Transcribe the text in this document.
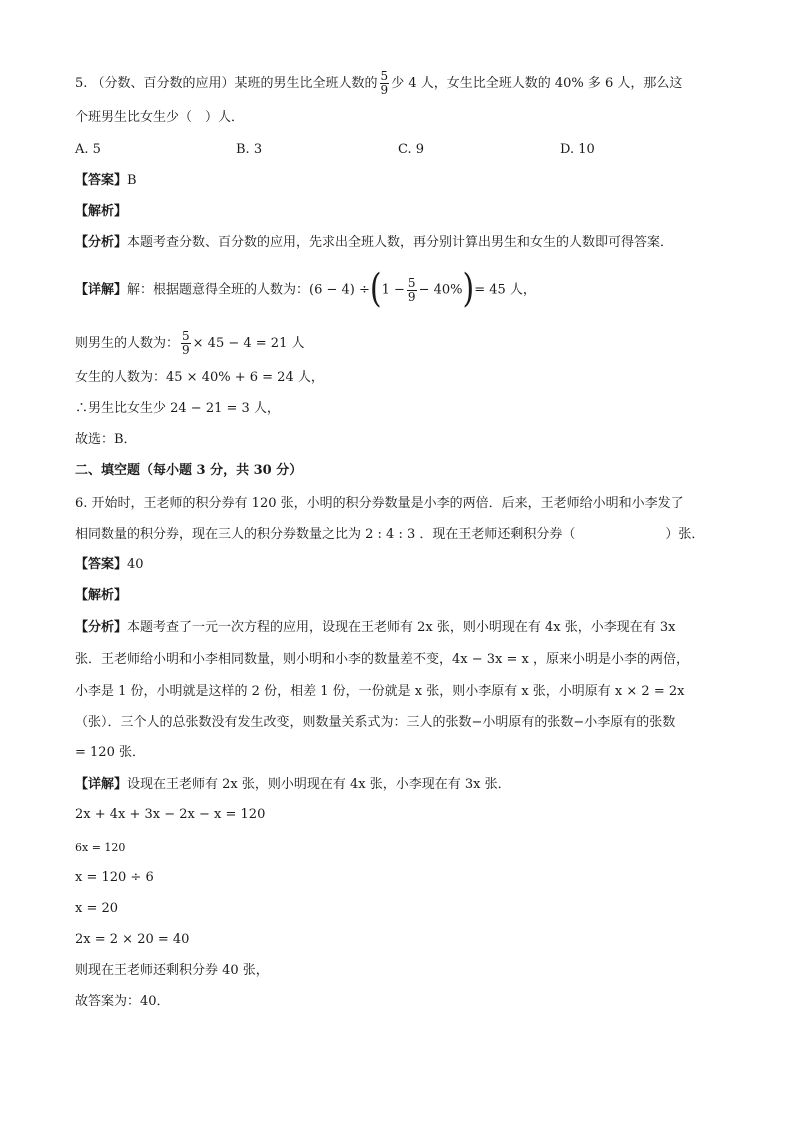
5. （分数、百分数的应用）某班的男生比全班人数的 $\frac{5}{9}$ 少 4 人，女生比全班人数的 40% 多 6 人，那么这
个班男生比女生少（　）人．
A. 5	B. 3	C. 9	D. 10
【答案】B
【解析】
【分析】本题考查分数、百分数的应用，先求出全班人数，再分别计算出男生和女生的人数即可得答案．
【详解】解：根据题意得全班的人数为：$(6 - 4) \div(1 - \frac{5}{9} - 40\%)= 45$ 人，
则男生的人数为： $\frac{5}{9} \times 45 - 4 = 21$ 人
女生的人数为：45 × 40% + 6 = 24 人，
∴男生比女生少 24 − 21 = 3 人，
故选：B．
二、填空题（每小题 3 分，共 30 分）
6. 开始时，王老师的积分券有 120 张，小明的积分券数量是小李的两倍．后来，王老师给小明和小李发了
相同数量的积分券，现在三人的积分券数量之比为 2 : 4 : 3 ．现在王老师还剩积分券（	）张．
【答案】40
【解析】
【分析】本题考查了一元一次方程的应用，设现在王老师有 2x 张，则小明现在有 4x 张，小李现在有 3x
张．王老师给小明和小李相同数量，则小明和小李的数量差不变，4x − 3x = x ，原来小明是小李的两倍，
小李是 1 份，小明就是这样的 2 份，相差 1 份，一份就是 x 张，则小李原有 x 张，小明原有 x × 2 = 2x
（张）．三个人的总张数没有发生改变，则数量关系式为：三人的张数−小明原有的张数−小李原有的张数
= 120 张．
【详解】设现在王老师有 2x 张，则小明现在有 4x 张，小李现在有 3x 张．
2x + 4x + 3x − 2x − x = 120
6x = 120
x = 120 ÷ 6
x = 20
2x = 2 × 20 = 40
则现在王老师还剩积分券 40 张，
故答案为：40．
